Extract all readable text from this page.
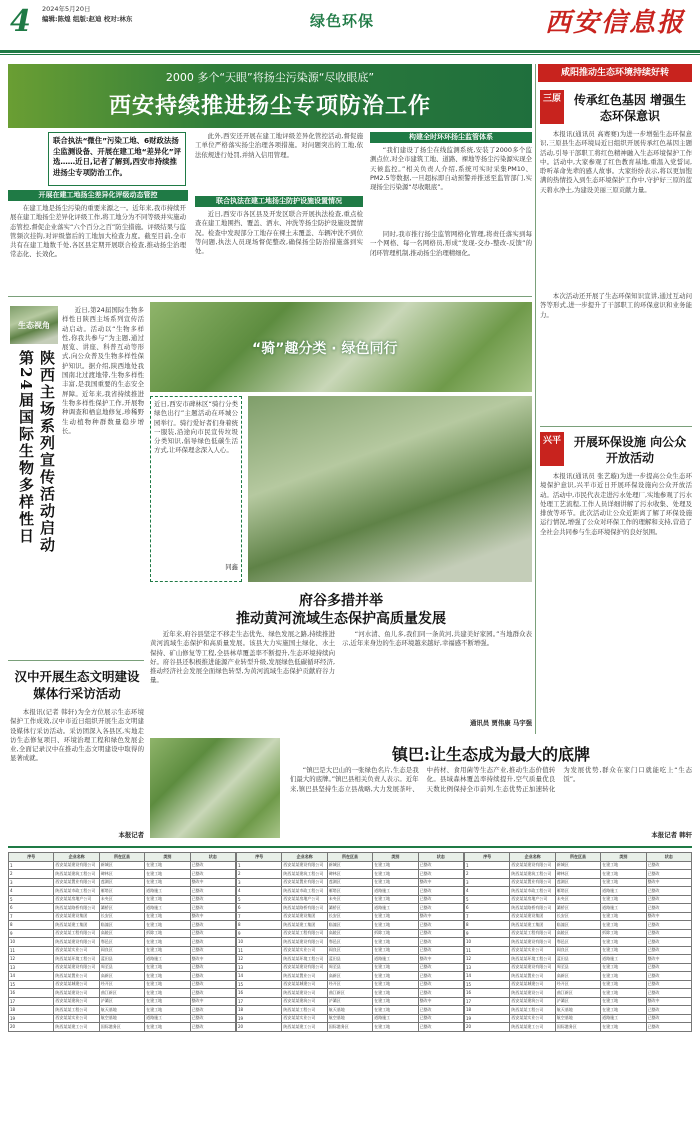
4 2024年5月20日
编辑:陈煌 组版:赵迪 校对:林东	绿色环保	西安信息报
2000 多个“天眼”将扬尘污染源“尽收眼底”
西安持续推进扬尘专项防治工作
联合执法“微住”污染工地、6财政法扬尘监测设备、开展在建工地“差异化”评选……近日,记者了解到,西安市持续推进扬尘专项防治工作。
开展在建工地扬尘差异化评级动态管控

在建工地是扬尘污染的重要来源之一。近年来,我市持续开展在建工地扬尘差异化评级工作,将工地分为不同等级并实施动态管控,督促企业落实“六个百分之百”防尘措施。评级结果与监管频次挂钩,对评级靠后的工地加大检查力度。截至目前,全市共有在建工地数千处,各区县定期开展联合检查,推动扬尘治理常态化、长效化。

此外,西安还开展在建工地评级差异化管控活动,督促施工单位严格落实扬尘治理各项措施。对问题突出的工地,依法依规进行处罚,并纳入信用管理。

联合执法在建工地扬尘防护设施设置情况

近日,西安市各区县及开发区联合开展执法检查,重点检查在建工地围挡、覆盖、洒水、冲洗等扬尘防护设施设置情况。检查中发现部分工地存在裸土未覆盖、车辆冲洗不到位等问题,执法人员现场督促整改,确保扬尘防治措施落到实处。

构建全时环环扬尘监管体系

“我们建设了扬尘在线监测系统,安装了2000多个监测点位,对全市建筑工地、道路、裸地等扬尘污染源实现全天候监控。”相关负责人介绍,系统可实时采集PM10、PM2.5等数据,一旦超标即自动预警并推送至监管部门,实现扬尘污染源“尽收眼底”。

同时,我市推行扬尘监管网格化管理,将责任落实到每一个网格、每一名网格员,形成“发现-交办-整改-反馈”的闭环管理机制,推动扬尘治理精细化。

生态视角
陕西主场系列宣传活动启动 第24届国际生物多样性日

近日,第24届国际生物多样性日陕西主场系列宣传活动启动。活动以“生物多样性,你我共参与”为主题,通过展览、讲座、科普互动等形式,向公众普及生物多样性保护知识。据介绍,陕西地处我国南北过渡地带,生物多样性丰富,是我国重要的生态安全屏障。近年来,我省持续推进生物多样性保护工作,开展物种调查和栖息地修复,珍稀野生动植物种群数量稳步增长。

“骑”趣分类 · 绿色同行
近日,西安市碑林区“骑行分类 绿色出行”主题活动在环城公园举行。骑行爱好者们身着统一服装,沿途向市民宣传垃圾分类知识,倡导绿色低碳生活方式,让环保理念深入人心。
同鑫
府谷多措并举
推动黄河流域生态保护高质量发展

近年来,府谷县坚定不移走生态优先、绿色发展之路,持续推进黄河流域生态保护和高质量发展。该县大力实施国土绿化、水土保持、矿山修复等工程,全县林草覆盖率不断提升,生态环境持续向好。府谷县还积极推进能源产业转型升级,发展绿色低碳循环经济,推动经济社会发展全面绿色转型,为黄河流域生态保护贡献府谷力量。

“河水清、鱼儿多,我们同一条黄河,共建美好家园。”当地群众表示,近年来身边的生态环境越来越好,幸福感不断增强。

通讯员 贾伟康 马宇强
汉中开展生态文明建设媒体行采访活动

本报讯(记者 韩轩)为全方位展示生态环境保护工作成效,汉中市近日组织开展生态文明建设媒体行采访活动。采访团深入各县区,实地走访生态修复项目、环境治理工程和绿色发展企业,全面记录汉中在推动生态文明建设中取得的显著成就。

本报记者
镇巴:让生态成为最大的底牌

“镇巴是大巴山的一张绿色名片,生态是我们最大的底牌。”镇巴县相关负责人表示。近年来,镇巴县坚持生态立县战略,大力发展茶叶、中药材、食用菌等生态产业,推动生态价值转化。县域森林覆盖率持续提升,空气质量优良天数比例保持全市前列,生态优势正加速转化为发展优势,群众在家门口就能吃上“生态饭”。

本报记者 韩轩
咸阳推动生态环境持续好转
三原	传承红色基因 增强生态环保意识

本报讯(通讯员 高赛赛)为进一步增强生态环保意识,三原县生态环境局近日组织开展传承红色基因主题活动,引导干部职工将红色精神融入生态环境保护工作中。活动中,大家参观了红色教育基地,重温入党誓词,聆听革命先辈的感人故事。大家纷纷表示,将以更加饱满的热情投入到生态环境保护工作中,守护好三原的蓝天碧水净土,为建设美丽三原贡献力量。

本次活动还开展了生态环保知识宣讲,通过互动问答等形式,进一步提升了干部职工的环保意识和业务能力。

兴平	开展环保设施 向公众开放活动

本报讯(通讯员 张艺璇)为进一步提高公众生态环境保护意识,兴平市近日开展环保设施向公众开放活动。活动中,市民代表走进污水处理厂,实地参观了污水处理工艺流程,工作人员详细讲解了污水收集、处理及排放等环节。此次活动让公众近距离了解了环保设施运行情况,增强了公众对环保工作的理解和支持,营造了全社会共同参与生态环境保护的良好氛围。

序号	企业名称	所在区县	类别	状态
1	西安某某建设有限公司	新城区	在建工地	已整改
2	陕西某某建筑工程公司	碑林区	在建工地	已整改
3	西安某某置业有限公司	莲湖区	在建工地	整改中
4	陕西某某市政工程公司	雁塔区	道路施工	已整改
5	西安某某房地产公司	未央区	在建工地	已整改
6	陕西某某路桥有限公司	灞桥区	道路施工	已整改
7	西安某某建设集团	长安区	在建工地	整改中
8	陕西某某建工集团	临潼区	在建工地	已整改
9	西安某某工程有限公司	高陵区	拆除工地	已整改
10	陕西某某建设有限公司	鄠邑区	在建工地	已整改
11	西安某某实业公司	阎良区	在建工地	已整改
12	陕西某某环境工程公司	蓝田县	道路施工	整改中
13	西安某某建设有限公司	周至县	在建工地	已整改
14	陕西某某置业公司	高新区	在建工地	已整改
15	西安某某城建公司	经开区	在建工地	已整改
16	陕西某某建设公司	曲江新区	在建工地	已整改
17	西安某某建筑公司	浐灞区	在建工地	整改中
18	陕西某某工程公司	航天基地	在建工地	已整改
19	西安某某实业公司	航空基地	道路施工	已整改
20	陕西某某建工公司	国际港务区	在建工地	已整改
序号	企业名称	所在区县	类别	状态
1	西安某某建设有限公司	新城区	在建工地	已整改
2	陕西某某建筑工程公司	碑林区	在建工地	已整改
3	西安某某置业有限公司	莲湖区	在建工地	整改中
4	陕西某某市政工程公司	雁塔区	道路施工	已整改
5	西安某某房地产公司	未央区	在建工地	已整改
6	陕西某某路桥有限公司	灞桥区	道路施工	已整改
7	西安某某建设集团	长安区	在建工地	整改中
8	陕西某某建工集团	临潼区	在建工地	已整改
9	西安某某工程有限公司	高陵区	拆除工地	已整改
10	陕西某某建设有限公司	鄠邑区	在建工地	已整改
11	西安某某实业公司	阎良区	在建工地	已整改
12	陕西某某环境工程公司	蓝田县	道路施工	整改中
13	西安某某建设有限公司	周至县	在建工地	已整改
14	陕西某某置业公司	高新区	在建工地	已整改
15	西安某某城建公司	经开区	在建工地	已整改
16	陕西某某建设公司	曲江新区	在建工地	已整改
17	西安某某建筑公司	浐灞区	在建工地	整改中
18	陕西某某工程公司	航天基地	在建工地	已整改
19	西安某某实业公司	航空基地	道路施工	已整改
20	陕西某某建工公司	国际港务区	在建工地	已整改
序号	企业名称	所在区县	类别	状态
1	西安某某建设有限公司	新城区	在建工地	已整改
2	陕西某某建筑工程公司	碑林区	在建工地	已整改
3	西安某某置业有限公司	莲湖区	在建工地	整改中
4	陕西某某市政工程公司	雁塔区	道路施工	已整改
5	西安某某房地产公司	未央区	在建工地	已整改
6	陕西某某路桥有限公司	灞桥区	道路施工	已整改
7	西安某某建设集团	长安区	在建工地	整改中
8	陕西某某建工集团	临潼区	在建工地	已整改
9	西安某某工程有限公司	高陵区	拆除工地	已整改
10	陕西某某建设有限公司	鄠邑区	在建工地	已整改
11	西安某某实业公司	阎良区	在建工地	已整改
12	陕西某某环境工程公司	蓝田县	道路施工	整改中
13	西安某某建设有限公司	周至县	在建工地	已整改
14	陕西某某置业公司	高新区	在建工地	已整改
15	西安某某城建公司	经开区	在建工地	已整改
16	陕西某某建设公司	曲江新区	在建工地	已整改
17	西安某某建筑公司	浐灞区	在建工地	整改中
18	陕西某某工程公司	航天基地	在建工地	已整改
19	西安某某实业公司	航空基地	道路施工	已整改
20	陕西某某建工公司	国际港务区	在建工地	已整改
